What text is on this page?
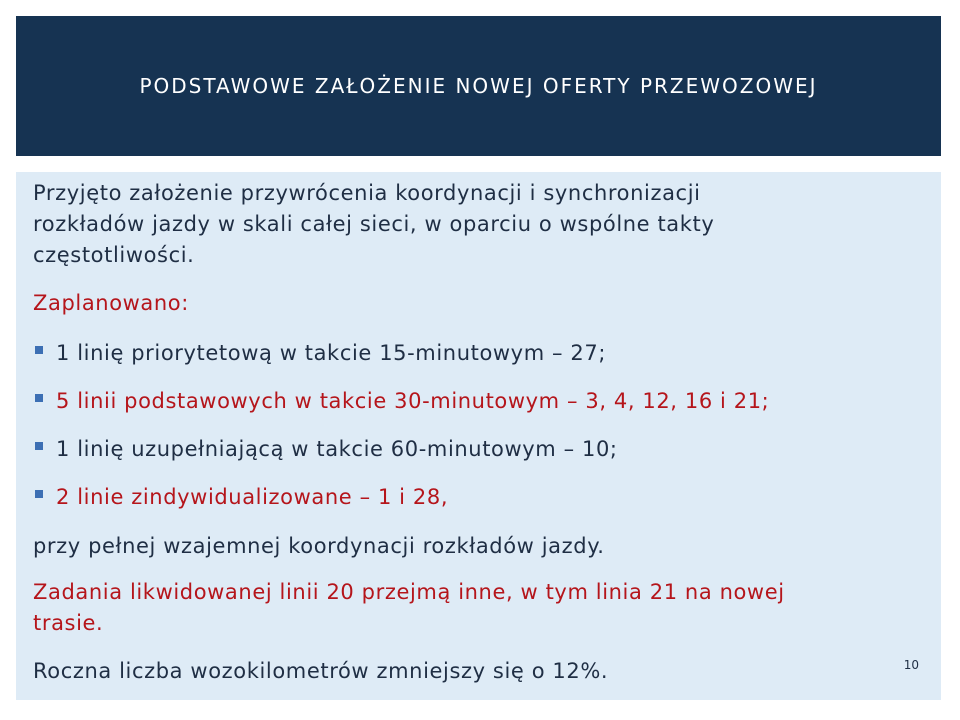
PODSTAWOWE ZAŁOŻENIE NOWEJ OFERTY PRZEWOZOWEJ

Przyjęto założenie przywrócenia koordynacji i synchronizacji
rozkładów jazdy w skali całej sieci, w oparciu o wspólne takty
częstotliwości.

Zaplanowano:

1 linię priorytetową w takcie 15-minutowym – 27;

5 linii podstawowych w takcie 30-minutowym – 3, 4, 12, 16 i 21;

1 linię uzupełniającą w takcie 60-minutowym – 10;

2 linie zindywidualizowane – 1 i 28,

przy pełnej wzajemnej koordynacji rozkładów jazdy.

Zadania likwidowanej linii 20 przejmą inne, w tym linia 21 na nowej
trasie.

Roczna liczba wozokilometrów zmniejszy się o 12%.	10
